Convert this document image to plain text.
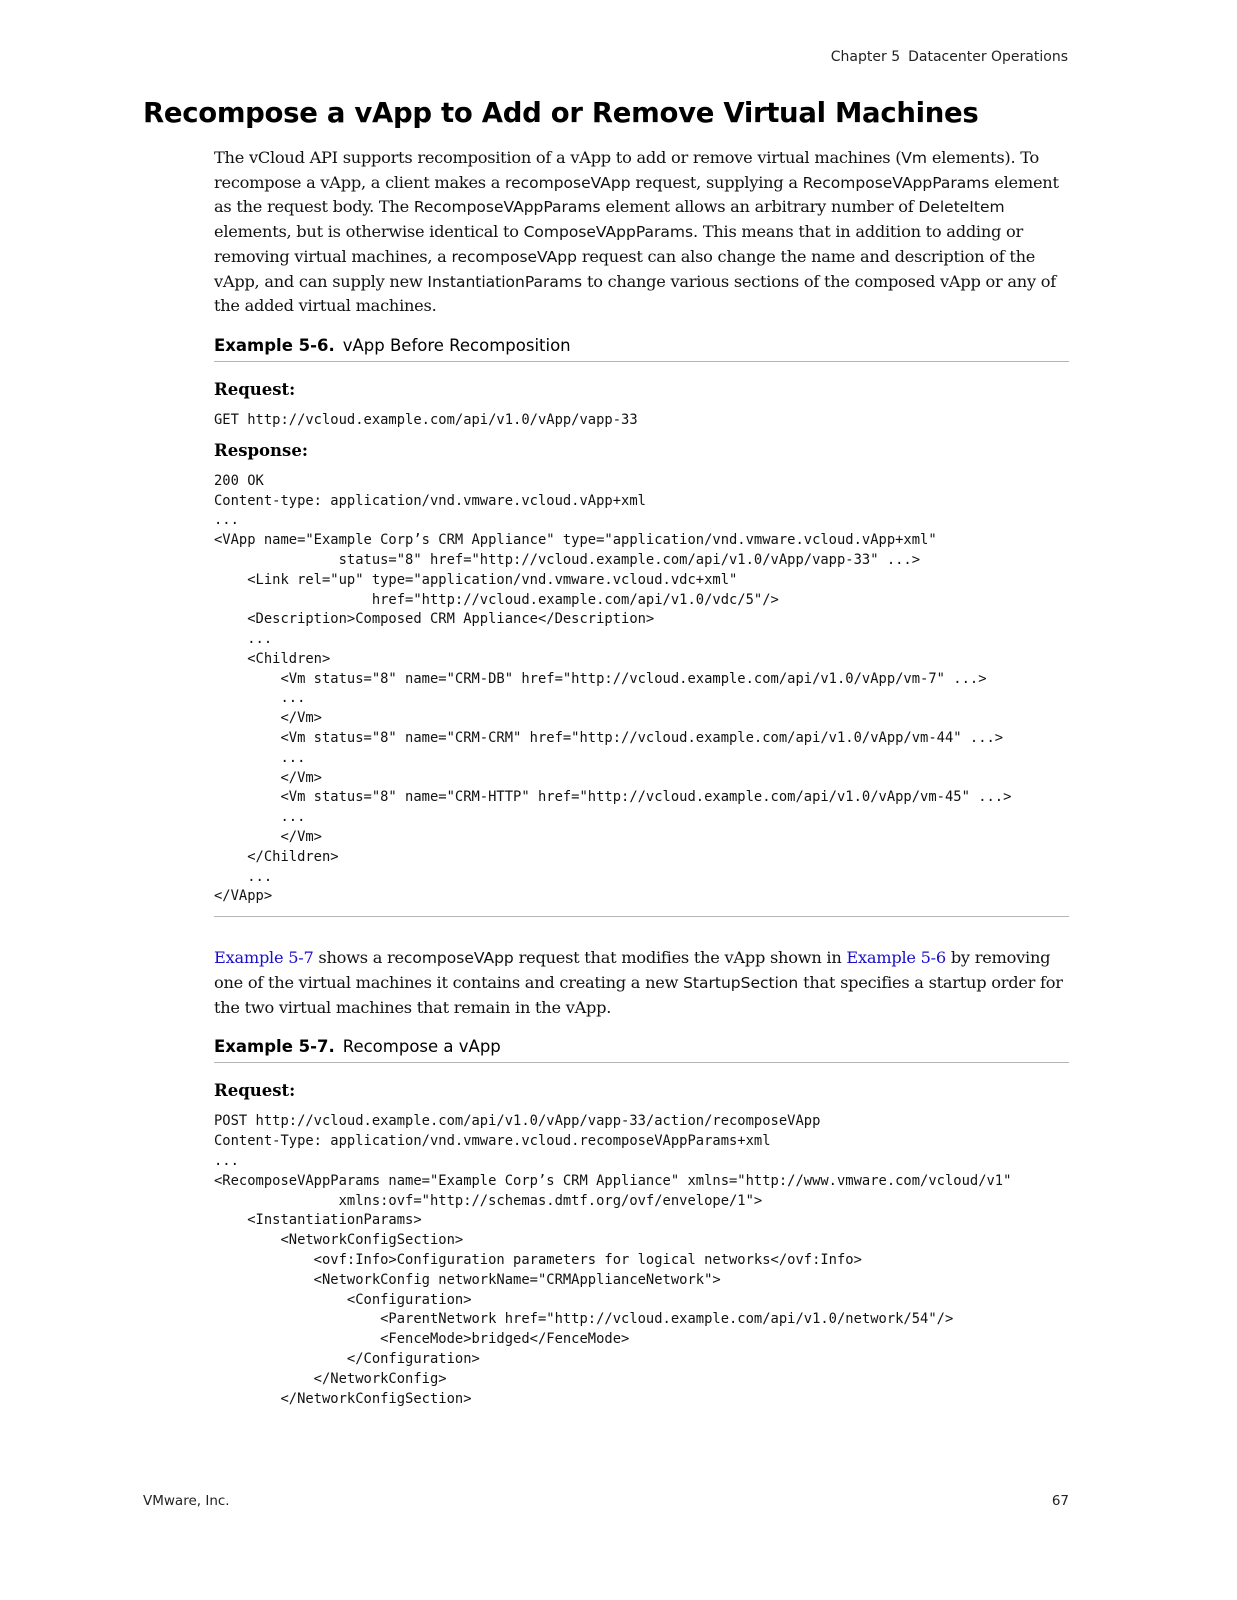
Chapter 5 Datacenter Operations
Recompose a vApp to Add or Remove Virtual Machines

The vCloud API supports recomposition of a vApp to add or remove virtual machines (Vm elements). To recompose a vApp, a client makes a recomposeVApp request, supplying a RecomposeVAppParams element as the request body. The RecomposeVAppParams element allows an arbitrary number of DeleteItem elements, but is otherwise identical to ComposeVAppParams. This means that in addition to adding or removing virtual machines, a recomposeVApp request can also change the name and description of the vApp, and can supply new InstantiationParams to change various sections of the composed vApp or any of the added virtual machines.

Example 5-6. vApp Before Recomposition

Request:

GET http://vcloud.example.com/api/v1.0/vApp/vapp-33

Response:

200 OK
Content-type: application/vnd.vmware.vcloud.vApp+xml
...
<VApp name="Example Corp’s CRM Appliance" type="application/vnd.vmware.vcloud.vApp+xml"
status="8" href="http://vcloud.example.com/api/v1.0/vApp/vapp-33" ...>
<Link rel="up" type="application/vnd.vmware.vcloud.vdc+xml"
href="http://vcloud.example.com/api/v1.0/vdc/5"/>
<Description>Composed CRM Appliance</Description>
...
<Children>
<Vm status="8" name="CRM-DB" href="http://vcloud.example.com/api/v1.0/vApp/vm-7" ...>
...
</Vm>
<Vm status="8" name="CRM-CRM" href="http://vcloud.example.com/api/v1.0/vApp/vm-44" ...>
...
</Vm>
<Vm status="8" name="CRM-HTTP" href="http://vcloud.example.com/api/v1.0/vApp/vm-45" ...>
...
</Vm>
</Children>
...
</VApp>

Example 5-7 shows a recomposeVApp request that modifies the vApp shown in Example 5-6 by removing one of the virtual machines it contains and creating a new StartupSection that specifies a startup order for the two virtual machines that remain in the vApp.

Example 5-7. Recompose a vApp

Request:

POST http://vcloud.example.com/api/v1.0/vApp/vapp-33/action/recomposeVApp
Content-Type: application/vnd.vmware.vcloud.recomposeVAppParams+xml
...
<RecomposeVAppParams name="Example Corp’s CRM Appliance" xmlns="http://www.vmware.com/vcloud/v1"
xmlns:ovf="http://schemas.dmtf.org/ovf/envelope/1">
<InstantiationParams>
<NetworkConfigSection>
<ovf:Info>Configuration parameters for logical networks</ovf:Info>
<NetworkConfig networkName="CRMApplianceNetwork">
<Configuration>
<ParentNetwork href="http://vcloud.example.com/api/v1.0/network/54"/>
<FenceMode>bridged</FenceMode>
</Configuration>
</NetworkConfig>
</NetworkConfigSection>
VMware, Inc.	67
